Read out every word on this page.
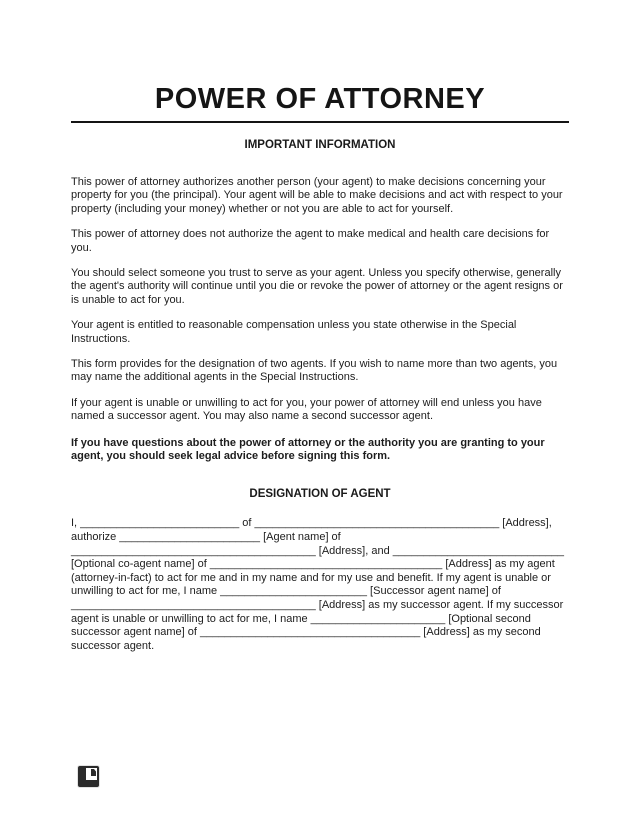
POWER OF ATTORNEY
IMPORTANT INFORMATION

This power of attorney authorizes another person (your agent) to make decisions concerning your property for you (the principal). Your agent will be able to make decisions and act with respect to your property (including your money) whether or not you are able to act for yourself.

This power of attorney does not authorize the agent to make medical and health care decisions for you.

You should select someone you trust to serve as your agent. Unless you specify otherwise, generally the agent's authority will continue until you die or revoke the power of attorney or the agent resigns or is unable to act for you.

Your agent is entitled to reasonable compensation unless you state otherwise in the Special Instructions.

This form provides for the designation of two agents. If you wish to name more than two agents, you may name the additional agents in the Special Instructions.

If your agent is unable or unwilling to act for you, your power of attorney will end unless you have named a successor agent. You may also name a second successor agent.

If you have questions about the power of attorney or the authority you are granting to your agent, you should seek legal advice before signing this form.

DESIGNATION OF AGENT
I, __________________________ of ________________________________________ [Address],
authorize _______________________ [Agent name] of
________________________________________ [Address], and ____________________________
[Optional co-agent name] of ______________________________________ [Address] as my agent
(attorney-in-fact) to act for me and in my name and for my use and benefit. If my agent is unable or
unwilling to act for me, I name ________________________ [Successor agent name] of
________________________________________ [Address] as my successor agent. If my successor
agent is unable or unwilling to act for me, I name ______________________ [Optional second
successor agent name] of ____________________________________ [Address] as my second
successor agent.
